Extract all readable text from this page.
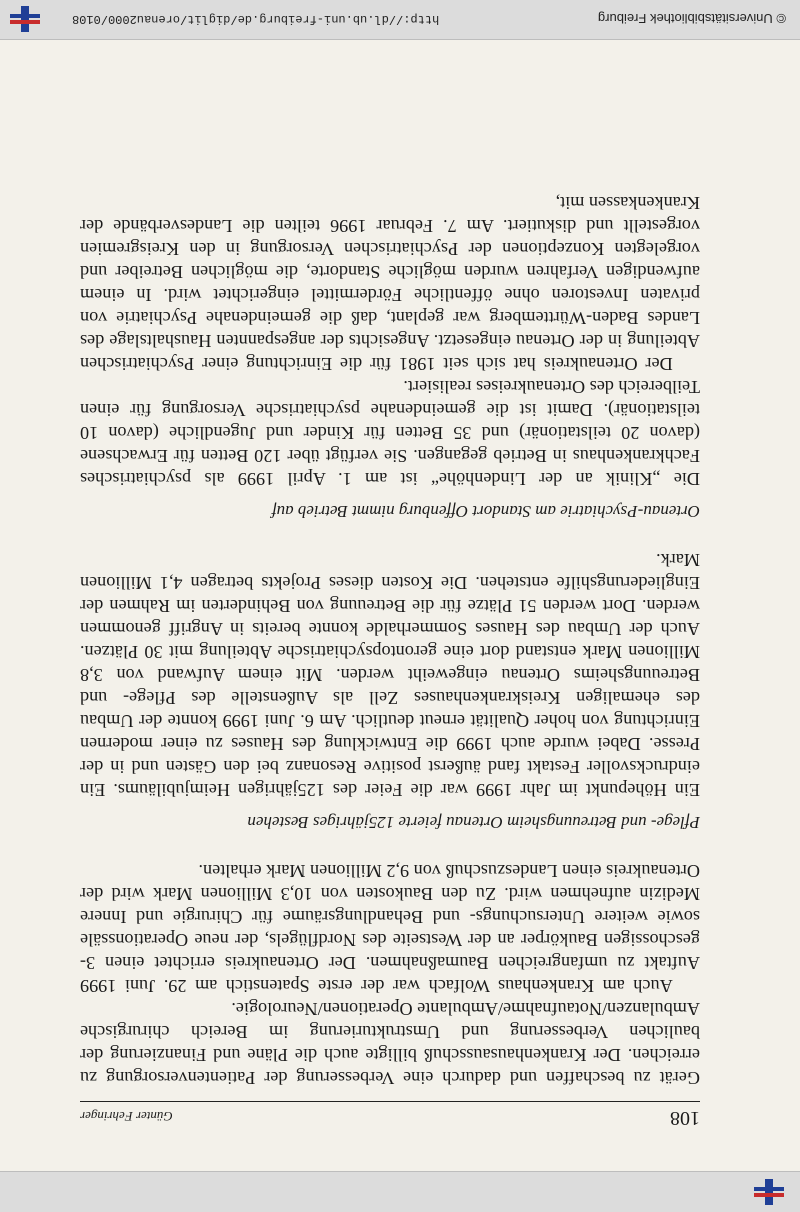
108
Günter Fehringer

Gerät zu beschaffen und dadurch eine Verbesserung der Patientenversorgung zu erreichen. Der Krankenhausausschuß billigte auch die Pläne und Finanzierung der baulichen Verbesserung und Umstrukturierung im Bereich chirurgische Ambulanzen/Notaufnahme/Ambulante Operationen/Neurologie.

Auch am Krankenhaus Wolfach war der erste Spatenstich am 29. Juni 1999 Auftakt zu umfangreichen Baumaßnahmen. Der Ortenaukreis errichtet einen 3-geschossigen Baukörper an der Westseite des Nordflügels, der neue Operationssäle sowie weitere Untersuchungs- und Behandlungsräume für Chirurgie und Innere Medizin aufnehmen wird. Zu den Baukosten von 10,3 Millionen Mark wird der Ortenaukreis einen Landeszuschuß von 9,2 Millionen Mark erhalten.

Pflege- und Betreuungsheim Ortenau feierte 125jähriges Bestehen

Ein Höhepunkt im Jahr 1999 war die Feier des 125jährigen Heimjubiläums. Ein eindrucksvoller Festakt fand äußerst positive Resonanz bei den Gästen und in der Presse. Dabei wurde auch 1999 die Entwicklung des Hauses zu einer modernen Einrichtung von hoher Qualität erneut deutlich. Am 6. Juni 1999 konnte der Umbau des ehemaligen Kreiskrankenhauses Zell als Außenstelle des Pflege- und Betreuungsheims Ortenau eingeweiht werden. Mit einem Aufwand von 3,8 Millionen Mark entstand dort eine gerontopsychiatrische Abteilung mit 30 Plätzen. Auch der Umbau des Hauses Sommerhalde konnte bereits in Angriff genommen werden. Dort werden 51 Plätze für die Betreuung von Behinderten im Rahmen der Eingliederungshilfe entstehen. Die Kosten dieses Projekts betragen 4,1 Millionen Mark.

Ortenau-Psychiatrie am Standort Offenburg nimmt Betrieb auf

Die „Klinik an der Lindenhöhe“ ist am 1. April 1999 als psychiatrisches Fachkrankenhaus in Betrieb gegangen. Sie verfügt über 120 Betten für Erwachsene (davon 20 teilstationär) und 35 Betten für Kinder und Jugendliche (davon 10 teilstationär). Damit ist die gemeindenahe psychiatrische Versorgung für einen Teilbereich des Ortenaukreises realisiert.

Der Ortenaukreis hat sich seit 1981 für die Einrichtung einer Psychiatrischen Abteilung in der Ortenau eingesetzt. Angesichts der angespannten Haushaltslage des Landes Baden-Württemberg war geplant, daß die gemeindenahe Psychiatrie von privaten Investoren ohne öffentliche Fördermittel eingerichtet wird. In einem aufwendigen Verfahren wurden mögliche Standorte, die möglichen Betreiber und vorgelegten Konzeptionen der Psychiatrischen Versorgung in den Kreisgremien vorgestellt und diskutiert. Am 7. Februar 1996 teilten die Landesverbände der Krankenkassen mit,

© Universitätsbibliothek Freiburg
http://dl.ub.uni-freiburg.de/diglit/orenau2000/0108
